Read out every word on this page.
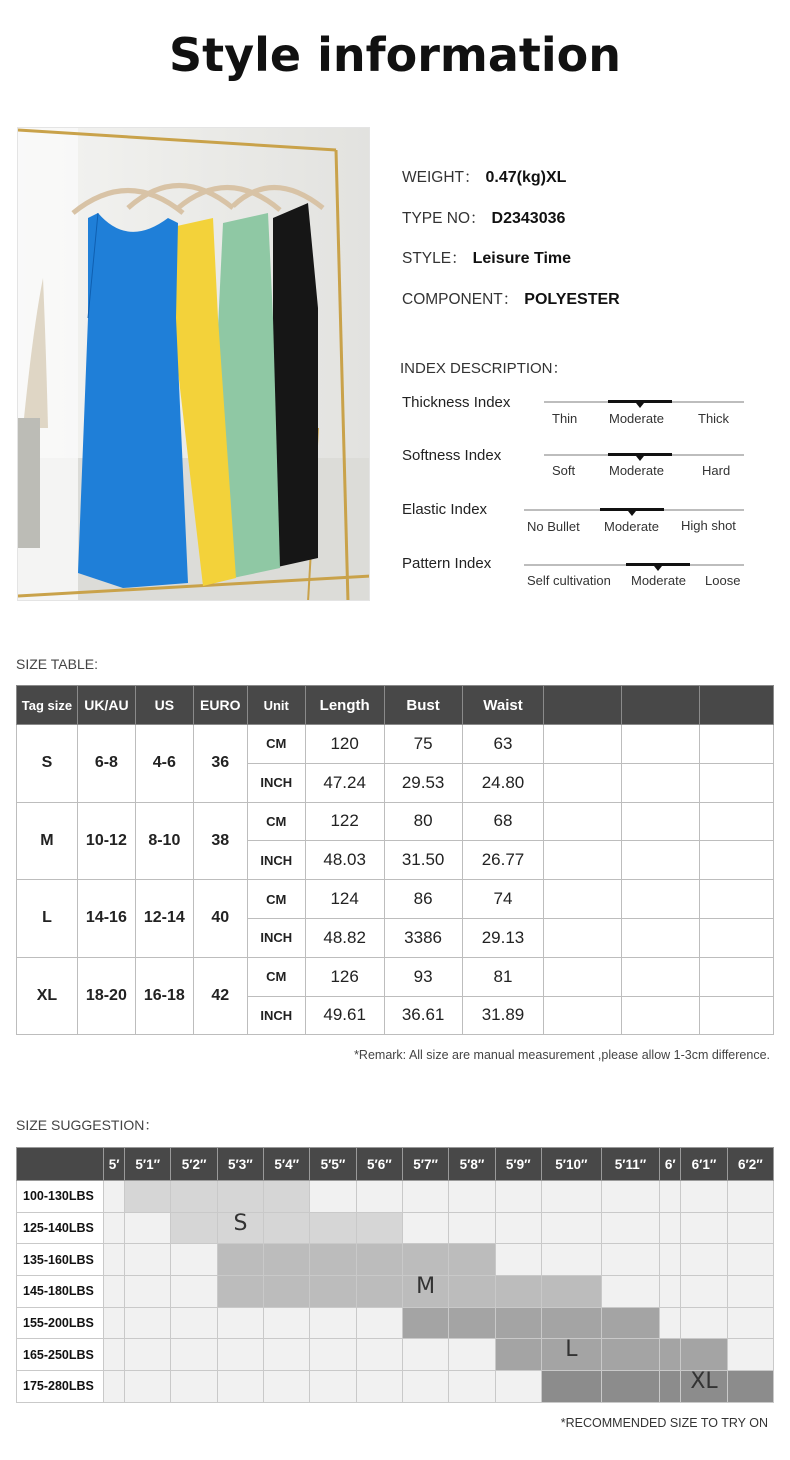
Style information
WEIGHT： 0.47(kg)XL
TYPE NO： D2343036
STYLE： Leisure Time
COMPONENT： POLYESTER
INDEX DESCRIPTION：
Thickness Index
Thin Moderate	Thick
Softness Index
Soft	Moderate	Hard
Elastic Index
No Bullet Moderate High shot
Pattern Index
Self cultivation Moderate Loose
SIZE TABLE:
Tag size	UK/AU	US	EURO	Unit	Length	Bust	Waist			
S	6-8	4-6	36	CM	120	75	63			
				INCH	47.24	29.53	24.80			
M	10-12	8-10	38	CM	122	80	68			
				INCH	48.03	31.50	26.77			
L	14-16	12-14	40	CM	124	86	74			
				INCH	48.82	3386	29.13			
XL	18-20	16-18	42	CM	126	93	81			
				INCH	49.61	36.61	31.89			
*Remark: All size are manual measurement ,please allow 1-3cm difference.
SIZE SUGGESTION：
	5′	5′1″	5′2″	5′3″	5′4″	5′5″	5′6″	5′7″	5′8″	5′9″	5′10″	5′11″	6′	6′1″	6′2″
100-130LBS															
125-140LBS				S											

135-160LBS															
145-180LBS								M							

155-200LBS															
165-250LBS											L				

175-280LBS														XL	

*RECOMMENDED SIZE TO TRY ON
